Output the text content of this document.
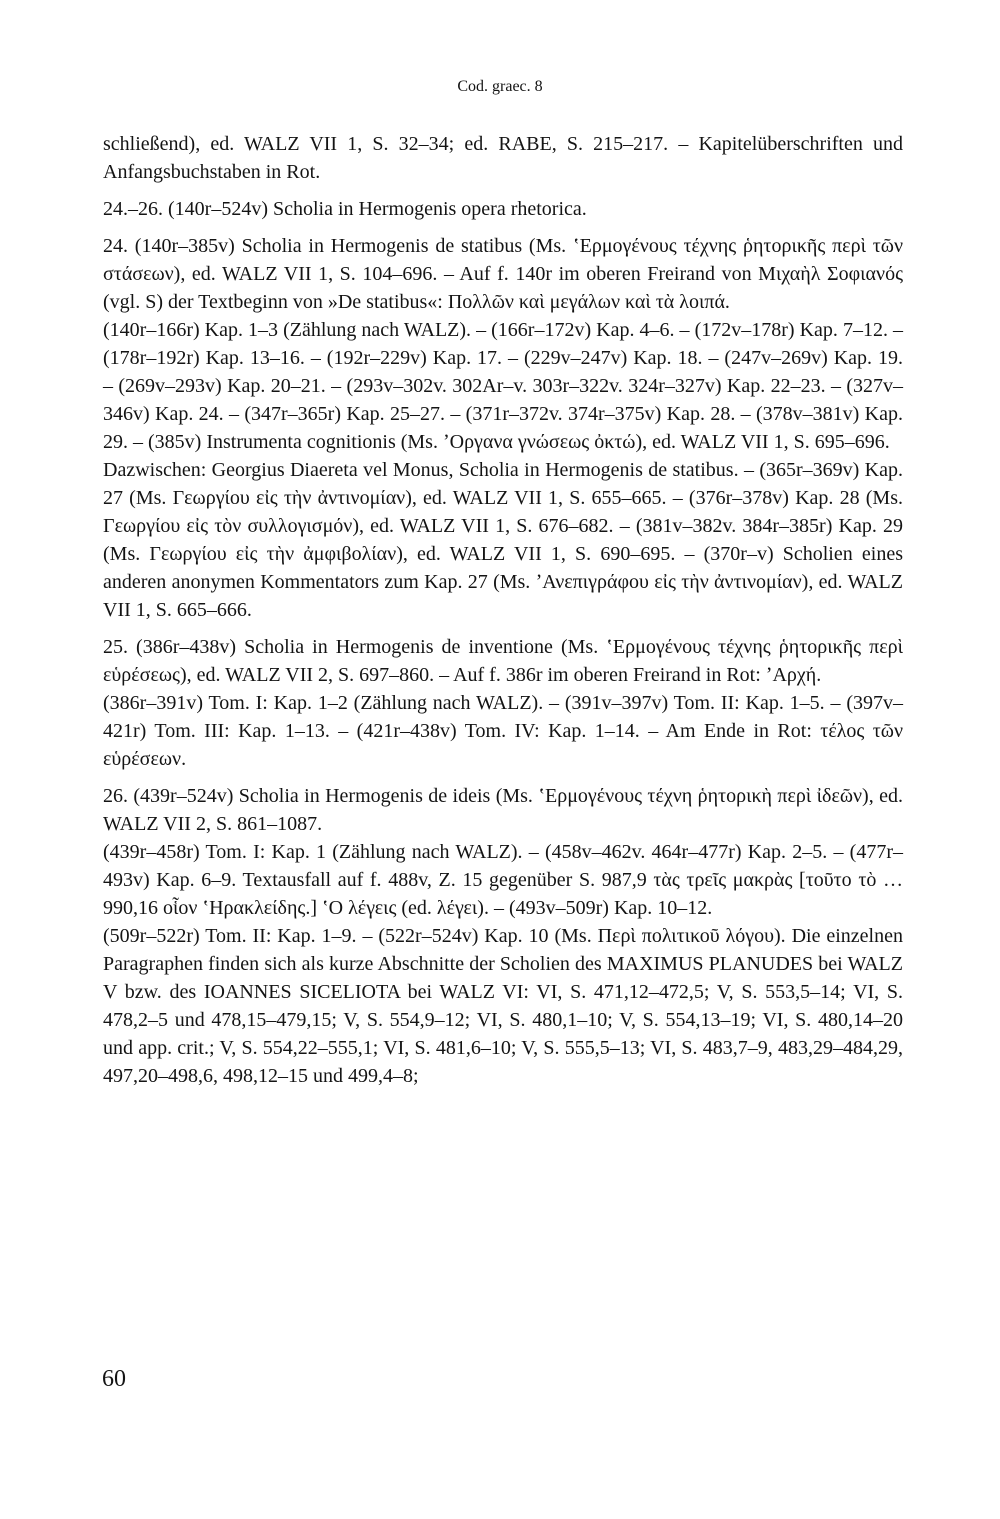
Cod. graec. 8

schließend), ed. WALZ VII 1, S. 32–34; ed. RABE, S. 215–217. – Kapitelüberschriften und Anfangsbuchstaben in Rot.

24.–26. (140r–524v) Scholia in Hermogenis opera rhetorica.

24. (140r–385v) Scholia in Hermogenis de statibus (Ms. ʽΕρμογένους τέχνης ῥητορικῆς περὶ τῶν στάσεων), ed. WALZ VII 1, S. 104–696. – Auf f. 140r im oberen Freirand von Μιχαὴλ Σοφιανός (vgl. S) der Textbeginn von »De statibus«: Πολλῶν καὶ μεγάλων καὶ τὰ λοιπά.

(140r–166r) Kap. 1–3 (Zählung nach WALZ). – (166r–172v) Kap. 4–6. – (172v–178r) Kap. 7–12. – (178r–192r) Kap. 13–16. – (192r–229v) Kap. 17. – (229v–247v) Kap. 18. – (247v–269v) Kap. 19. – (269v–293v) Kap. 20–21. – (293v–302v. 302Ar–v. 303r–322v. 324r–327v) Kap. 22–23. – (327v–346v) Kap. 24. – (347r–365r) Kap. 25–27. – (371r–372v. 374r–375v) Kap. 28. – (378v–381v) Kap. 29. – (385v) Instrumenta cognitionis (Ms. ʼΟργανα γνώσεως ὀκτώ), ed. WALZ VII 1, S. 695–696.

Dazwischen: Georgius Diaereta vel Monus, Scholia in Hermogenis de statibus. – (365r–369v) Kap. 27 (Ms. Γεωργίου εἰς τὴν ἀντινομίαν), ed. WALZ VII 1, S. 655–665. – (376r–378v) Kap. 28 (Ms. Γεωργίου εἰς τὸν συλλογισμόν), ed. WALZ VII 1, S. 676–682. – (381v–382v. 384r–385r) Kap. 29 (Ms. Γεωργίου εἰς τὴν ἀμφιβολίαν), ed. WALZ VII 1, S. 690–695. – (370r–v) Scholien eines anderen anonymen Kommentators zum Kap. 27 (Ms. ʼΑνεπιγράφου εἰς τὴν ἀντινομίαν), ed. WALZ VII 1, S. 665–666.

25. (386r–438v) Scholia in Hermogenis de inventione (Ms. ʽΕρμογένους τέχνης ῥητορικῆς περὶ εὑρέσεως), ed. WALZ VII 2, S. 697–860. – Auf f. 386r im oberen Freirand in Rot: ʼΑρχή.

(386r–391v) Tom. I: Kap. 1–2 (Zählung nach WALZ). – (391v–397v) Tom. II: Kap. 1–5. – (397v–421r) Tom. III: Kap. 1–13. – (421r–438v) Tom. IV: Kap. 1–14. – Am Ende in Rot: τέλος τῶν εὑρέσεων.

26. (439r–524v) Scholia in Hermogenis de ideis (Ms. ʽΕρμογένους τέχνη ῥητορικὴ περὶ ἰδεῶν), ed. WALZ VII 2, S. 861–1087.

(439r–458r) Tom. I: Kap. 1 (Zählung nach WALZ). – (458v–462v. 464r–477r) Kap. 2–5. – (477r–493v) Kap. 6–9. Textausfall auf f. 488v, Z. 15 gegenüber S. 987,9 τὰς τρεῖς μακρὰς [τοῦτο τὸ … 990,16 οἷον ʽΗρακλείδης.] ʽΟ λέγεις (ed. λέγει). – (493v–509r) Kap. 10–12.

(509r–522r) Tom. II: Kap. 1–9. – (522r–524v) Kap. 10 (Ms. Περὶ πολιτικοῦ λόγου). Die einzelnen Paragraphen finden sich als kurze Abschnitte der Scholien des MAXIMUS PLANUDES bei WALZ V bzw. des IOANNES SICELIOTA bei WALZ VI: VI, S. 471,12–472,5; V, S. 553,5–14; VI, S. 478,2–5 und 478,15–479,15; V, S. 554,9–12; VI, S. 480,1–10; V, S. 554,13–19; VI, S. 480,14–20 und app. crit.; V, S. 554,22–555,1; VI, S. 481,6–10; V, S. 555,5–13; VI, S. 483,7–9, 483,29–484,29, 497,20–498,6, 498,12–15 und 499,4–8;

60
